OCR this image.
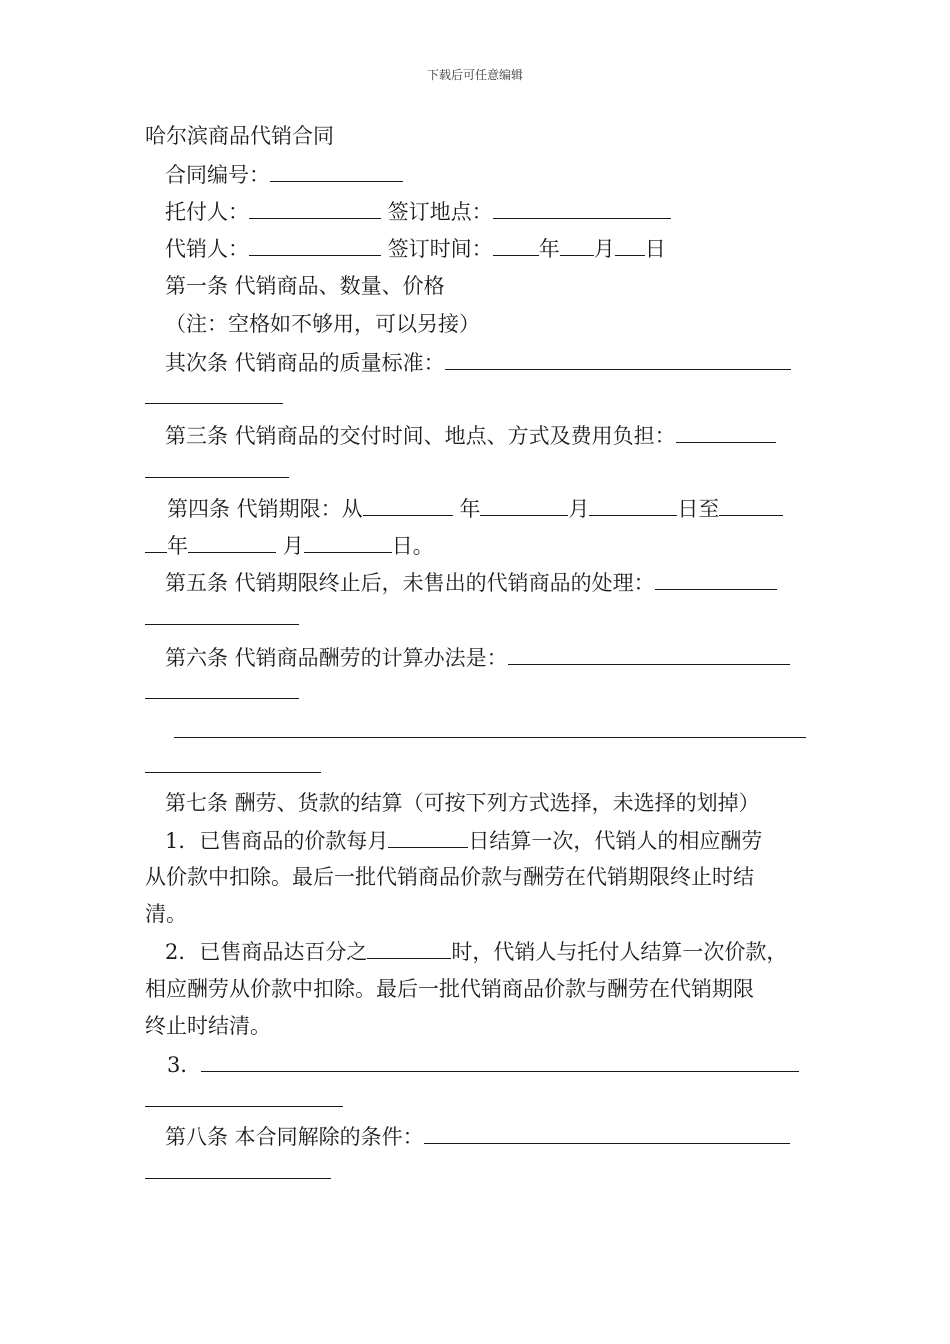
下载后可任意编辑
哈尔滨商品代销合同
合同编号：
托付人：	签订地点：
代销人：	签订时间： 年 月 日
第一条 代销商品、数量、价格
（注：空格如不够用，可以另接）
其次条 代销商品的质量标准：
第三条 代销商品的交付时间、地点、方式及费用负担：
第四条 代销期限：从	年	月	日至
年	月	日。
第五条 代销期限终止后，未售出的代销商品的处理：
第六条 代销商品酬劳的计算办法是：
第七条 酬劳、货款的结算（可按下列方式选择，未选择的划掉）
1．已售商品的价款每月	日结算一次，代销人的相应酬劳
从价款中扣除。最后一批代销商品价款与酬劳在代销期限终止时结
清。
2．已售商品达百分之	时，代销人与托付人结算一次价款，
相应酬劳从价款中扣除。最后一批代销商品价款与酬劳在代销期限
终止时结清。
3．
第八条 本合同解除的条件：
